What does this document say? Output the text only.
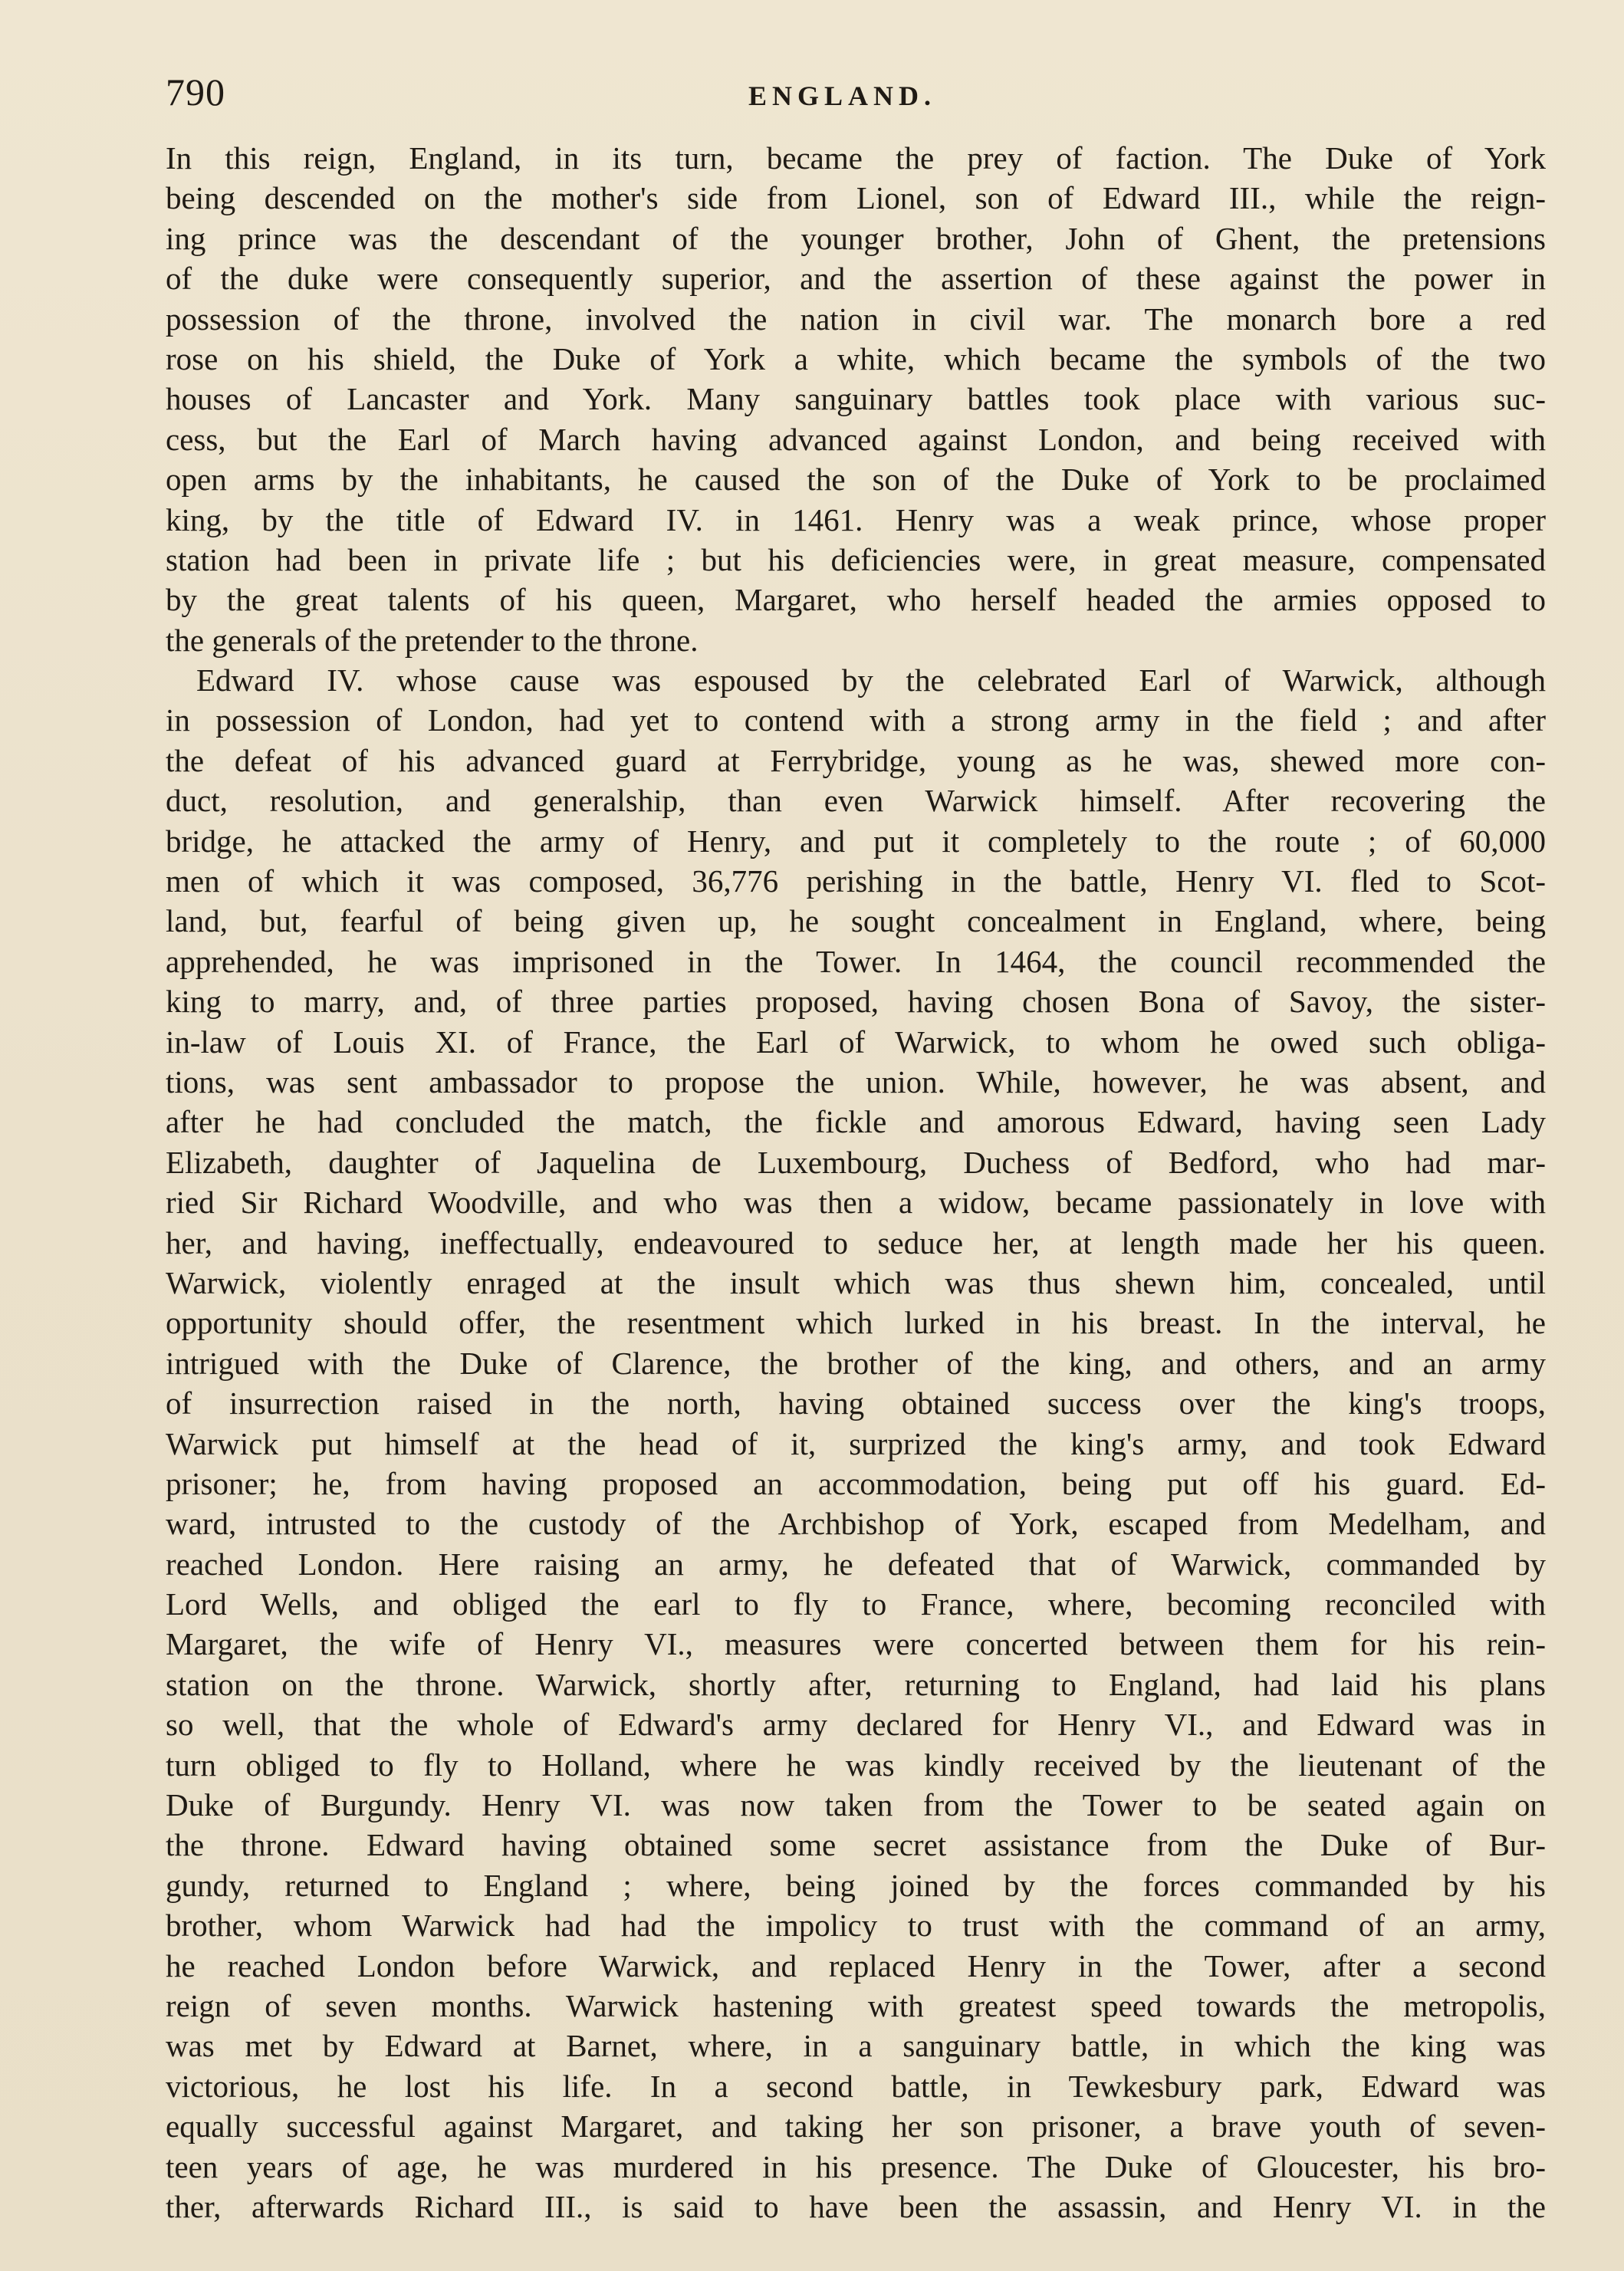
790	ENGLAND.
In this reign, England, in its turn, became the prey of faction. The Duke of York
being descended on the mother's side from Lionel, son of Edward III., while the reign-
ing prince was the descendant of the younger brother, John of Ghent, the pretensions
of the duke were consequently superior, and the assertion of these against the power in
possession of the throne, involved the nation in civil war. The monarch bore a red
rose on his shield, the Duke of York a white, which became the symbols of the two
houses of Lancaster and York. Many sanguinary battles took place with various suc-
cess, but the Earl of March having advanced against London, and being received with
open arms by the inhabitants, he caused the son of the Duke of York to be proclaimed
king, by the title of Edward IV. in 1461. Henry was a weak prince, whose proper
station had been in private life ; but his deficiencies were, in great measure, compensated
by the great talents of his queen, Margaret, who herself headed the armies opposed to
the generals of the pretender to the throne.
Edward IV. whose cause was espoused by the celebrated Earl of Warwick, although
in possession of London, had yet to contend with a strong army in the field ; and after
the defeat of his advanced guard at Ferrybridge, young as he was, shewed more con-
duct, resolution, and generalship, than even Warwick himself. After recovering the
bridge, he attacked the army of Henry, and put it completely to the route ; of 60,000
men of which it was composed, 36,776 perishing in the battle, Henry VI. fled to Scot-
land, but, fearful of being given up, he sought concealment in England, where, being
apprehended, he was imprisoned in the Tower. In 1464, the council recommended the
king to marry, and, of three parties proposed, having chosen Bona of Savoy, the sister-
in-law of Louis XI. of France, the Earl of Warwick, to whom he owed such obliga-
tions, was sent ambassador to propose the union. While, however, he was absent, and
after he had concluded the match, the fickle and amorous Edward, having seen Lady
Elizabeth, daughter of Jaquelina de Luxembourg, Duchess of Bedford, who had mar-
ried Sir Richard Woodville, and who was then a widow, became passionately in love with
her, and having, ineffectually, endeavoured to seduce her, at length made her his queen.
Warwick, violently enraged at the insult which was thus shewn him, concealed, until
opportunity should offer, the resentment which lurked in his breast. In the interval, he
intrigued with the Duke of Clarence, the brother of the king, and others, and an army
of insurrection raised in the north, having obtained success over the king's troops,
Warwick put himself at the head of it, surprized the king's army, and took Edward
prisoner; he, from having proposed an accommodation, being put off his guard. Ed-
ward, intrusted to the custody of the Archbishop of York, escaped from Medelham, and
reached London. Here raising an army, he defeated that of Warwick, commanded by
Lord Wells, and obliged the earl to fly to France, where, becoming reconciled with
Margaret, the wife of Henry VI., measures were concerted between them for his rein-
station on the throne. Warwick, shortly after, returning to England, had laid his plans
so well, that the whole of Edward's army declared for Henry VI., and Edward was in
turn obliged to fly to Holland, where he was kindly received by the lieutenant of the
Duke of Burgundy. Henry VI. was now taken from the Tower to be seated again on
the throne. Edward having obtained some secret assistance from the Duke of Bur-
gundy, returned to England ; where, being joined by the forces commanded by his
brother, whom Warwick had had the impolicy to trust with the command of an army,
he reached London before Warwick, and replaced Henry in the Tower, after a second
reign of seven months. Warwick hastening with greatest speed towards the metropolis,
was met by Edward at Barnet, where, in a sanguinary battle, in which the king was
victorious, he lost his life. In a second battle, in Tewkesbury park, Edward was
equally successful against Margaret, and taking her son prisoner, a brave youth of seven-
teen years of age, he was murdered in his presence. The Duke of Gloucester, his bro-
ther, afterwards Richard III., is said to have been the assassin, and Henry VI. in the
